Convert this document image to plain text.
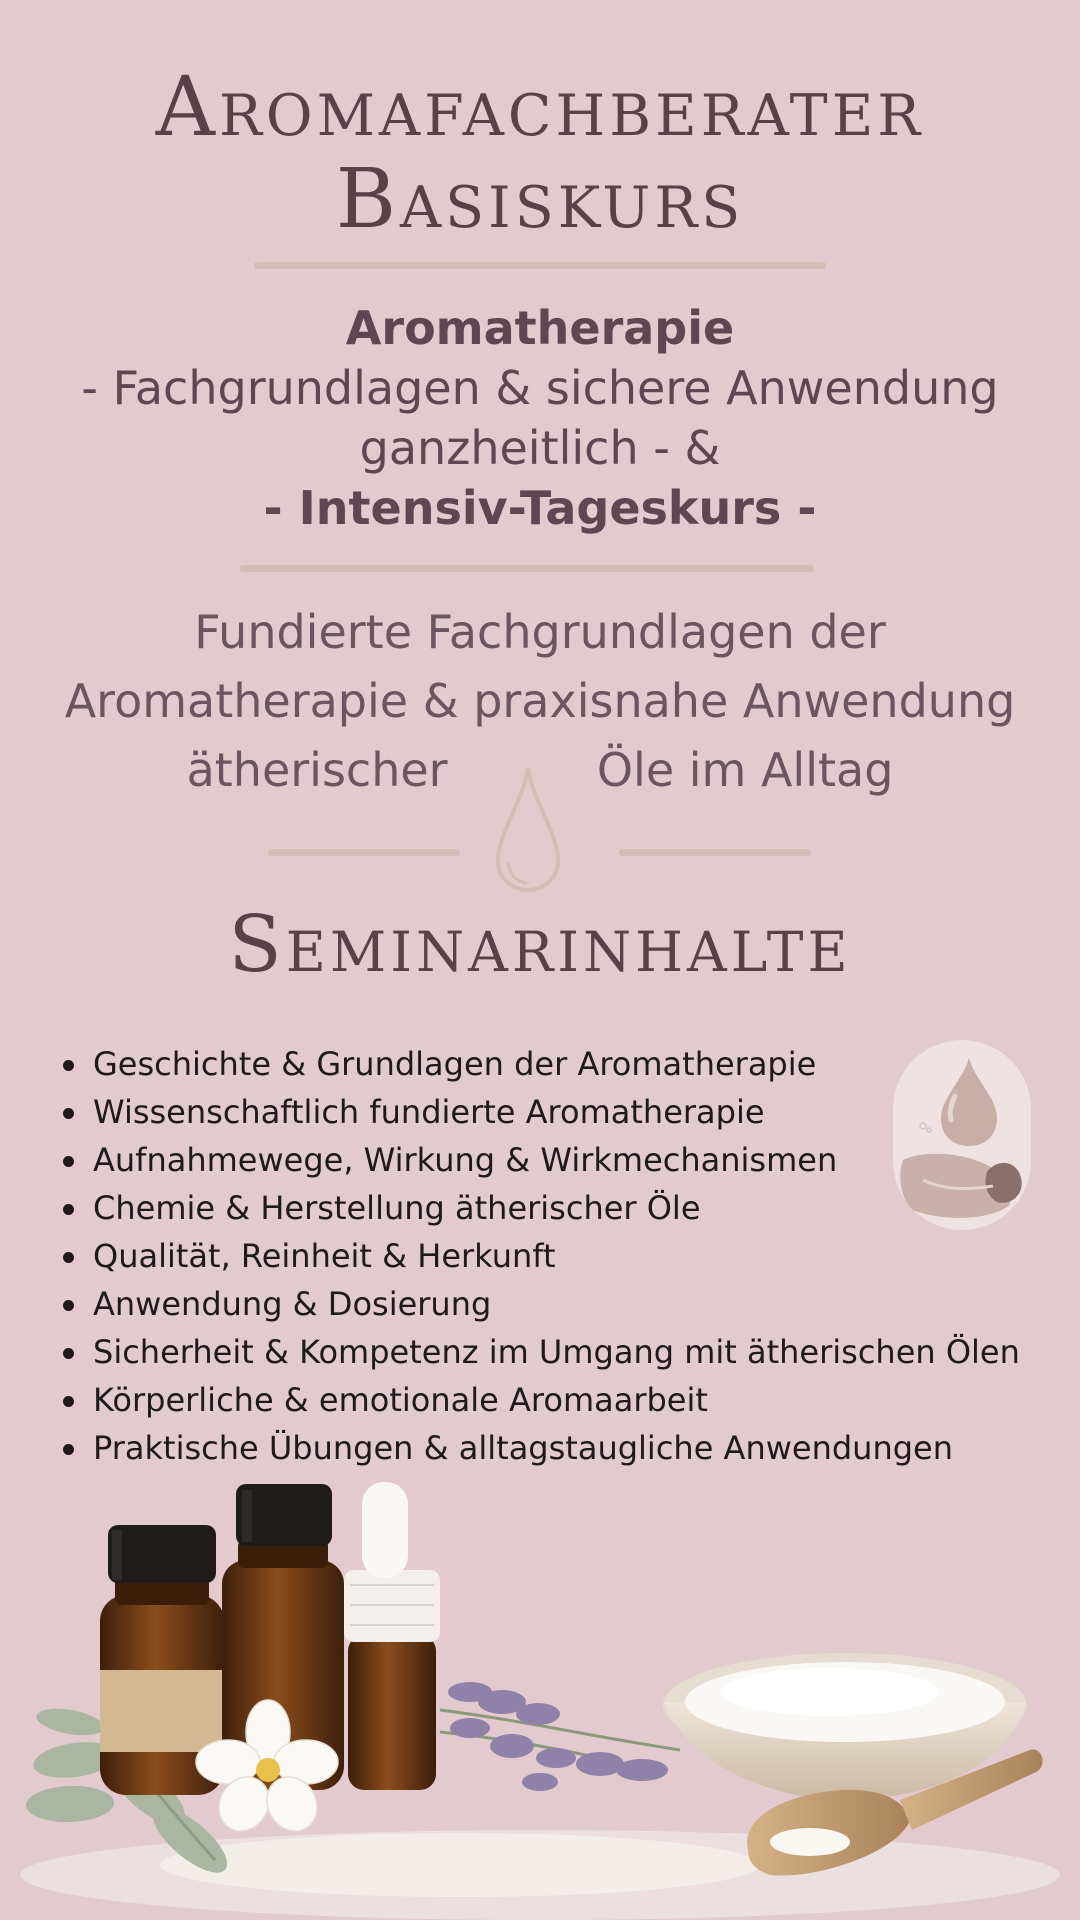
Aromafachberater
Basiskurs
Aromatherapie
- Fachgrundlagen & sichere Anwendung
ganzheitlich - &
- Intensiv-Tageskurs -
Fundierte Fachgrundlagen der
Aromatherapie & praxisnahe Anwendung
ätherischer	Öle im Alltag
Seminarinhalte
Geschichte & Grundlagen der Aromatherapie
Wissenschaftlich fundierte Aromatherapie
Aufnahmewege, Wirkung & Wirkmechanismen
Chemie & Herstellung ätherischer Öle
Qualität, Reinheit & Herkunft
Anwendung & Dosierung
Sicherheit & Kompetenz im Umgang mit ätherischen Ölen
Körperliche & emotionale Aromaarbeit
Praktische Übungen & alltagstaugliche Anwendungen
